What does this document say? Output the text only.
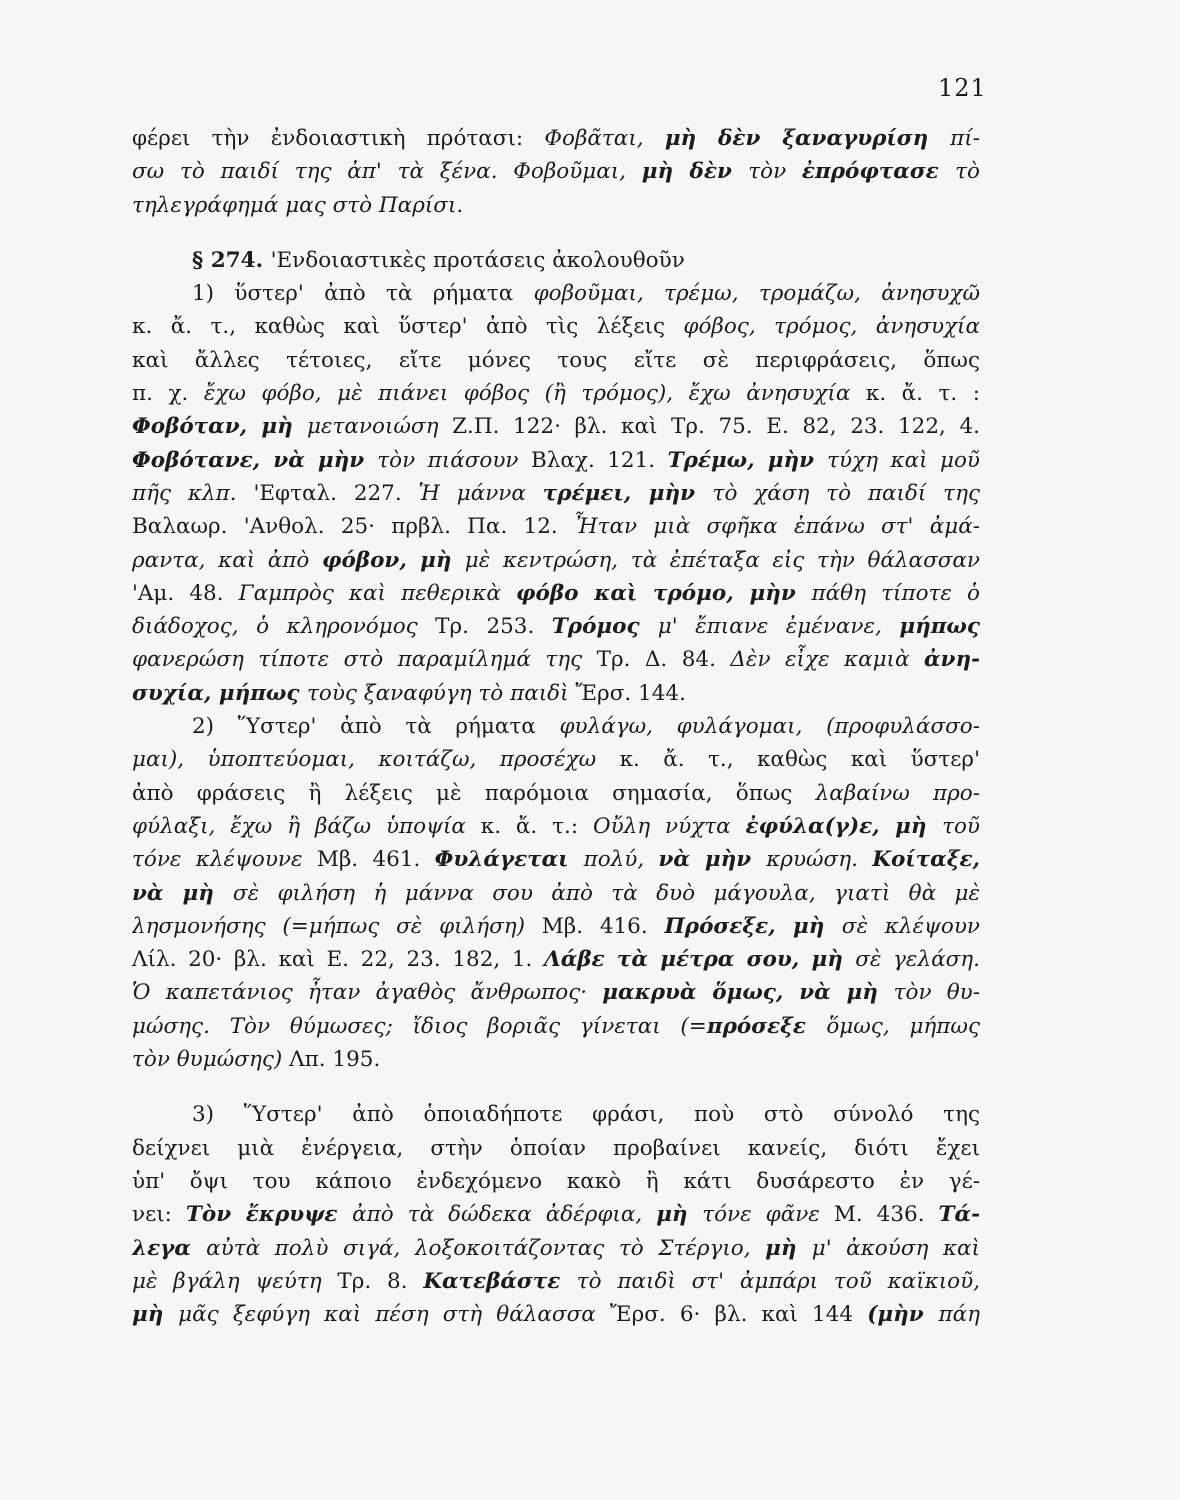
121
φέρει τὴν ἐνδοιαστικὴ πρότασι: Φοβᾶται, μὴ δὲν ξαναγυρίση πί-
σω τὸ παιδί της ἀπ' τὰ ξένα. Φοβοῦμαι, μὴ δὲν τὸν ἐπρόφτασε τὸ
τηλεγράφημά μας στὸ Παρίσι.
§ 274. 'Ενδοιαστικὲς προτάσεις ἀκολουθοῦν
1) ὕστερ' ἀπὸ τὰ ρήματα φοβοῦμαι, τρέμω, τρομάζω, ἀνησυχῶ
κ. ἄ. τ., καθὼς καὶ ὕστερ' ἀπὸ τὶς λέξεις φόβος, τρόμος, ἀνησυχία
καὶ ἄλλες τέτοιες, εἴτε μόνες τους εἴτε σὲ περιφράσεις, ὅπως
π. χ. ἔχω φόβο, μὲ πιάνει φόβος (ἢ τρόμος), ἔχω ἀνησυχία κ. ἄ. τ. :
Φοβόταν, μὴ μετανοιώση Ζ.Π. 122· βλ. καὶ Τρ. 75. Ε. 82, 23. 122, 4.
Φοβότανε, νὰ μὴν τὸν πιάσουν Βλαχ. 121. Τρέμω, μὴν τύχη καὶ μοῦ
πῆς κλπ. 'Εφταλ. 227. Ἡ μάννα τρέμει, μὴν τὸ χάση τὸ παιδί της
Βαλαωρ. 'Ανθολ. 25· πρβλ. Πα. 12. Ἦταν μιὰ σφῆκα ἐπάνω στ' ἀμά-
ραντα, καὶ ἀπὸ φόβον, μὴ μὲ κεντρώση, τὰ ἐπέταξα εἰς τὴν θάλασσαν
'Αμ. 48. Γαμπρὸς καὶ πεθερικὰ φόβο καὶ τρόμο, μὴν πάθη τίποτε ὁ
διάδοχος, ὁ κληρονόμος Τρ. 253. Τρόμος μ' ἔπιανε ἐμένανε, μήπως
φανερώση τίποτε στὸ παραμίλημά της Τρ. Δ. 84. Δὲν εἶχε καμιὰ ἀνη-
συχία, μήπως τοὺς ξαναφύγη τὸ παιδὶ Ἔρσ. 144.
2) Ὕστερ' ἀπὸ τὰ ρήματα φυλάγω, φυλάγομαι, (προφυλάσσο-
μαι), ὑποπτεύομαι, κοιτάζω, προσέχω κ. ἄ. τ., καθὼς καὶ ὕστερ'
ἀπὸ φράσεις ἢ λέξεις μὲ παρόμοια σημασία, ὅπως λαβαίνω προ-
φύλαξι, ἔχω ἢ βάζω ὑποψία κ. ἄ. τ.: Οὔλη νύχτα ἐφύλα(γ)ε, μὴ τοῦ
τόνε κλέψουνε Μβ. 461. Φυλάγεται πολύ, νὰ μὴν κρυώση. Κοίταξε,
νὰ μὴ σὲ φιλήση ἡ μάννα σου ἀπὸ τὰ δυὸ μάγουλα, γιατὶ θὰ μὲ
λησμονήσης (=μήπως σὲ φιλήση) Μβ. 416. Πρόσεξε, μὴ σὲ κλέψουν
Λίλ. 20· βλ. καὶ Ε. 22, 23. 182, 1. Λάβε τὰ μέτρα σου, μὴ σὲ γελάση.
Ὁ καπετάνιος ἦταν ἀγαθὸς ἄνθρωπος· μακρυὰ ὅμως, νὰ μὴ τὸν θυ-
μώσης. Τὸν θύμωσες; ἴδιος βοριᾶς γίνεται (=πρόσεξε ὅμως, μήπως
τὸν θυμώσης) Λπ. 195.
3) Ὕστερ' ἀπὸ ὁποιαδήποτε φράσι, ποὺ στὸ σύνολό της
δείχνει μιὰ ἐνέργεια, στὴν ὁποίαν προβαίνει κανείς, διότι ἔχει
ὑπ' ὄψι του κάποιο ἐνδεχόμενο κακὸ ἢ κάτι δυσάρεστο ἐν γέ-
νει: Τὸν ἔκρυψε ἀπὸ τὰ δώδεκα ἀδέρφια, μὴ τόνε φᾶνε Μ. 436. Τά-
λεγα αὐτὰ πολὺ σιγά, λοξοκοιτάζοντας τὸ Στέργιο, μὴ μ' ἀκούση καὶ
μὲ βγάλη ψεύτη Τρ. 8. Κατεβάστε τὸ παιδὶ στ' ἀμπάρι τοῦ καϊκιοῦ,
μὴ μᾶς ξεφύγη καὶ πέση στὴ θάλασσα Ἔρσ. 6· βλ. καὶ 144 (μὴν πάη
